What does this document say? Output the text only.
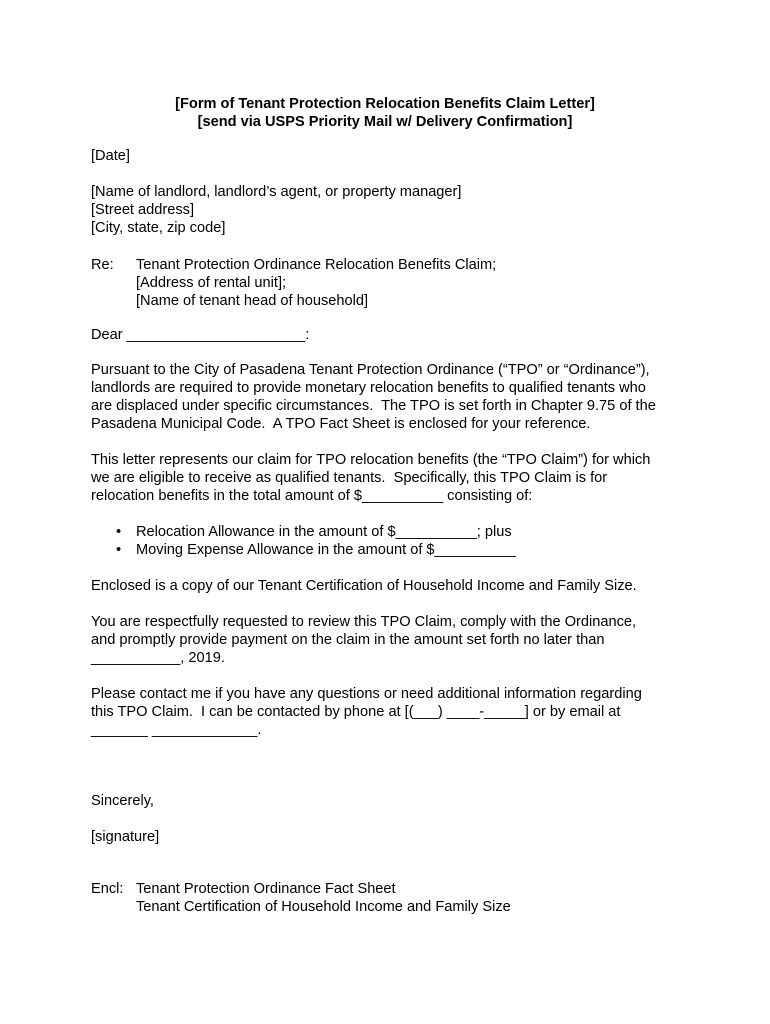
[Form of Tenant Protection Relocation Benefits Claim Letter]
[send via USPS Priority Mail w/ Delivery Confirmation]
[Date]
[Name of landlord, landlord’s agent, or property manager]
[Street address]
[City, state, zip code]
Re:	Tenant Protection Ordinance Relocation Benefits Claim;
[Address of rental unit];
[Name of tenant head of household]
Dear ______________________:
Pursuant to the City of Pasadena Tenant Protection Ordinance (“TPO” or “Ordinance”),
landlords are required to provide monetary relocation benefits to qualified tenants who
are displaced under specific circumstances.  The TPO is set forth in Chapter 9.75 of the
Pasadena Municipal Code.  A TPO Fact Sheet is enclosed for your reference.
This letter represents our claim for TPO relocation benefits (the “TPO Claim”) for which
we are eligible to receive as qualified tenants.  Specifically, this TPO Claim is for
relocation benefits in the total amount of $__________ consisting of:
•	Relocation Allowance in the amount of $__________; plus
•	Moving Expense Allowance in the amount of $__________
Enclosed is a copy of our Tenant Certification of Household Income and Family Size.
You are respectfully requested to review this TPO Claim, comply with the Ordinance,
and promptly provide payment on the claim in the amount set forth no later than
___________, 2019.
Please contact me if you have any questions or need additional information regarding
this TPO Claim.  I can be contacted by phone at [(___) ____-_____] or by email at
_______ _____________.
Sincerely,
[signature]
Encl: Tenant Protection Ordinance Fact Sheet
Tenant Certification of Household Income and Family Size
